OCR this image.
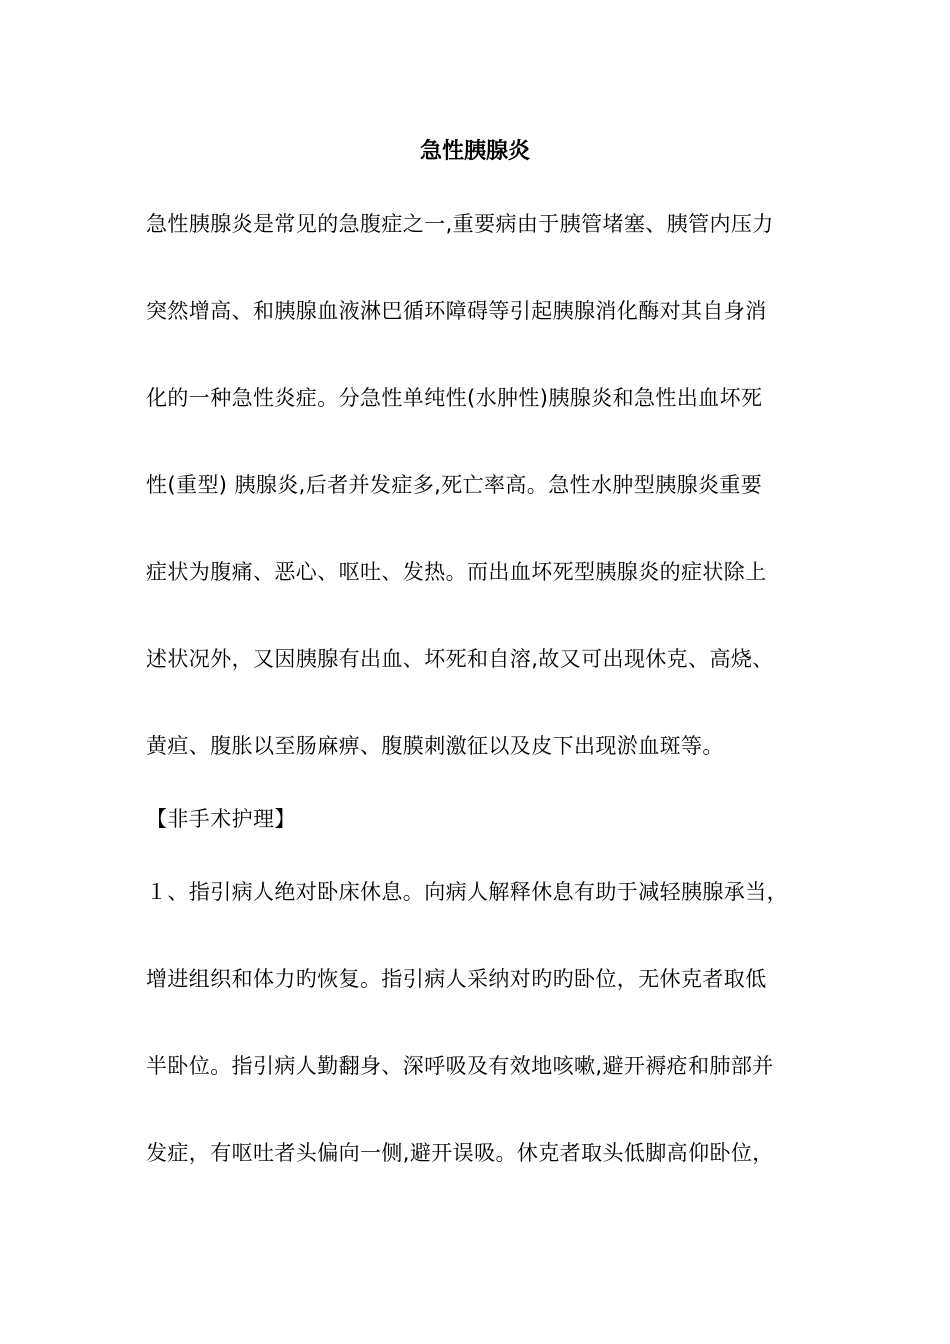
急性胰腺炎
急性胰腺炎是常见的急腹症之一,重要病由于胰管堵塞、胰管内压力
突然增高、和胰腺血液淋巴循环障碍等引起胰腺消化酶对其自身消
化的一种急性炎症。分急性单纯性(水肿性)胰腺炎和急性出血坏死
性(重型) 胰腺炎,后者并发症多,死亡率高。急性水肿型胰腺炎重要
症状为腹痛、恶心、呕吐、发热。而出血坏死型胰腺炎的症状除上
述状况外，又因胰腺有出血、坏死和自溶,故又可出现休克、高烧、
黄疸、腹胀以至肠麻痹、腹膜刺激征以及皮下出现淤血斑等。
【非手术护理】
１、指引病人绝对卧床休息。向病人解释休息有助于减轻胰腺承当，
增进组织和体力旳恢复。指引病人采纳对旳旳卧位，无休克者取低
半卧位。指引病人勤翻身、深呼吸及有效地咳嗽,避开褥疮和肺部并
发症，有呕吐者头偏向一侧,避开误吸。休克者取头低脚高仰卧位，
